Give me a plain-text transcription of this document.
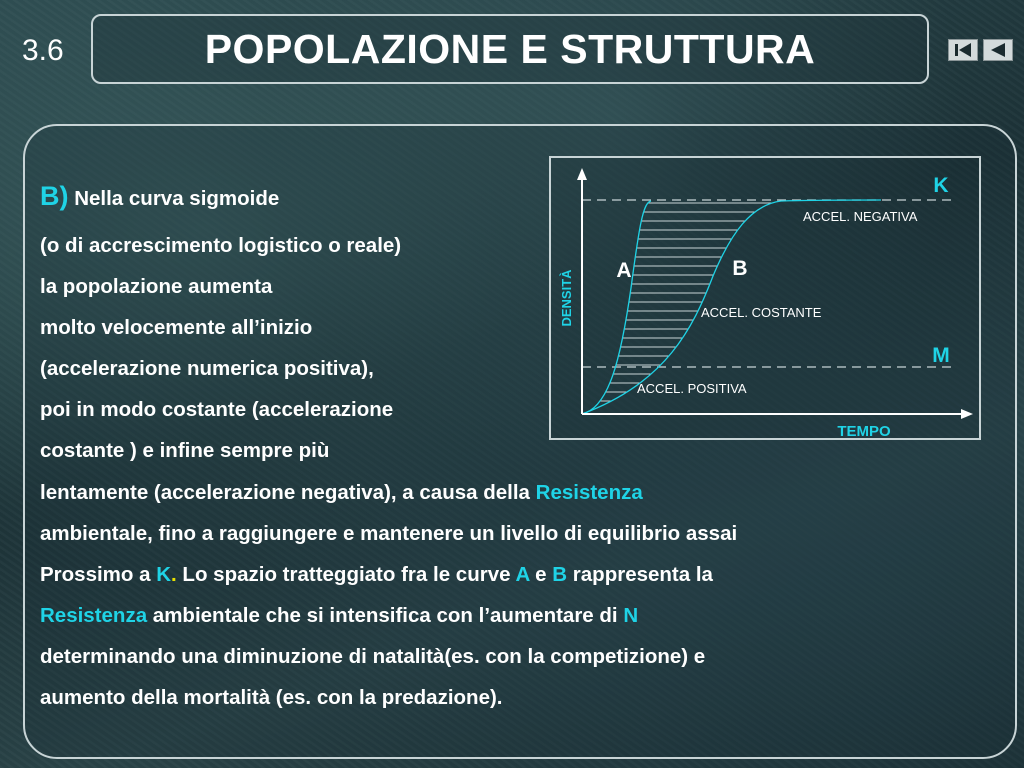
3.6	POPOLAZIONE E STRUTTURA
B) Nella curva sigmoide
(o di accrescimento logistico o reale)
la popolazione aumenta
molto velocemente all’inizio
(accelerazione numerica positiva),
poi in modo costante (accelerazione
costante ) e infine sempre più
lentamente (accelerazione negativa), a causa della Resistenza
ambientale, fino a raggiungere e mantenere un livello di equilibrio assai
Prossimo a K. Lo spazio tratteggiato fra le curve A e B rappresenta la
Resistenza ambientale che si intensifica con l’aumentare di N
determinando una diminuzione di natalità(es. con la competizione) e
aumento della mortalità (es. con la predazione).
DENSITÀ
TEMPO
K
M
A	B
ACCEL. NEGATIVA
ACCEL. COSTANTE
ACCEL. POSITIVA
